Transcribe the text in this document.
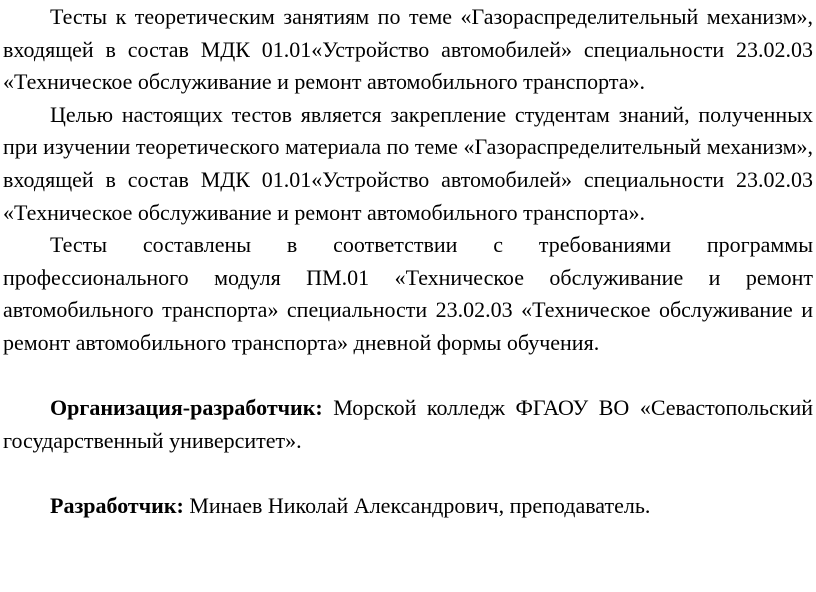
Тесты к теоретическим занятиям по теме «Газораспределительный механизм», входящей в состав МДК 01.01«Устройство автомобилей» специальности 23.02.03 «Техническое обслуживание и ремонт автомобильного транспорта».

Целью настоящих тестов является закрепление студентам знаний, полученных при изучении теоретического материала по теме «Газораспределительный механизм», входящей в состав МДК 01.01«Устройство автомобилей» специальности 23.02.03 «Техническое обслуживание и ремонт автомобильного транспорта».

Тесты составлены в соответствии с требованиями программы профессионального модуля ПМ.01 «Техническое обслуживание и ремонт автомобильного транспорта» специальности 23.02.03 «Техническое обслуживание и ремонт автомобильного транспорта» дневной формы обучения.

Организация-разработчик: Морской колледж ФГАОУ ВО «Севастопольский государственный университет».

Разработчик: Минаев Николай Александрович, преподаватель.
